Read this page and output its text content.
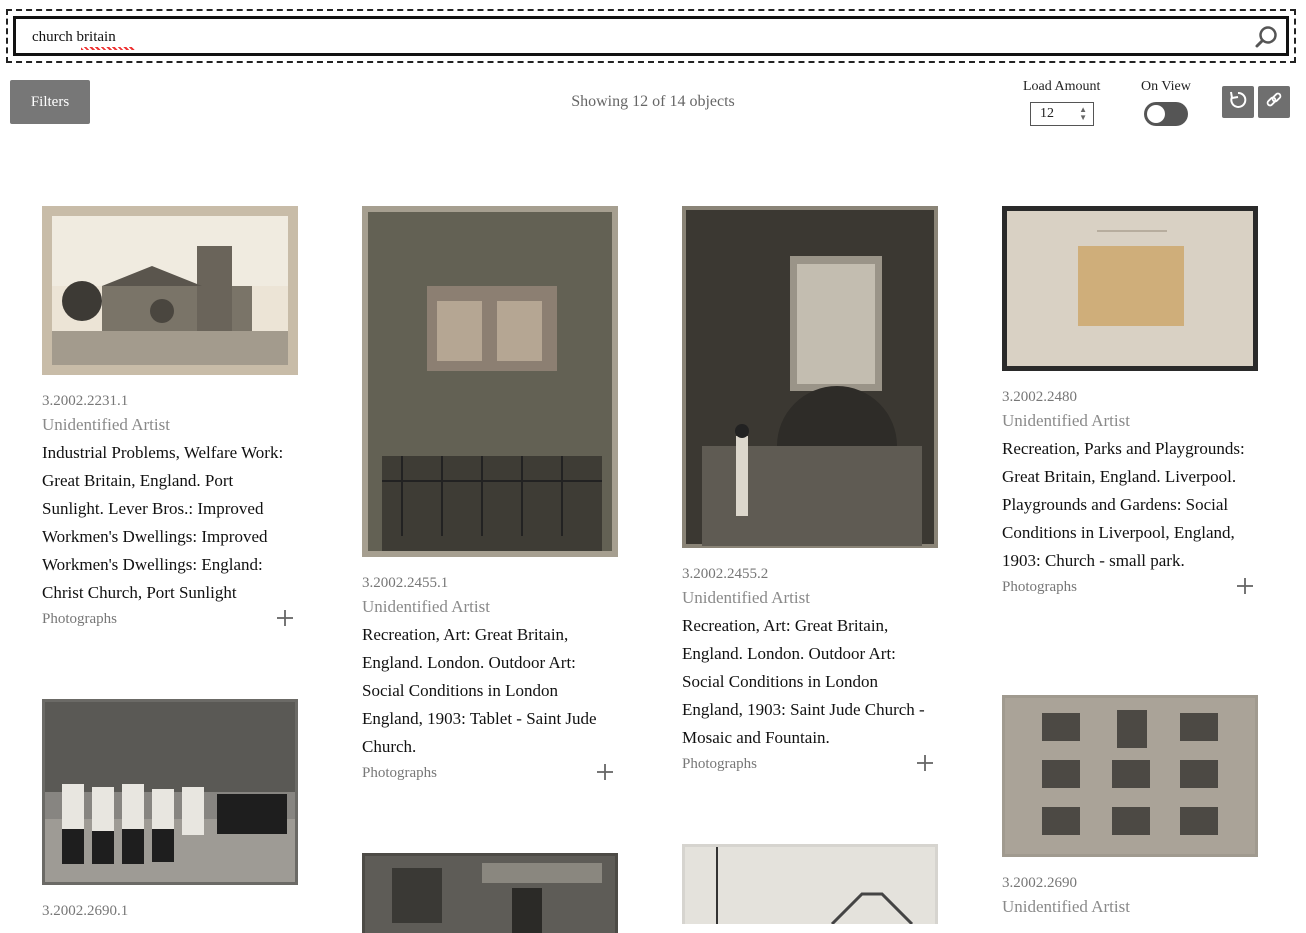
church britain
Filters	Showing 12 of 14 objects
Load Amount
12	▲
▼
On View
3.2002.2231.1
Unidentified Artist
Industrial Problems, Welfare Work: Great Britain, England. Port Sunlight. Lever Bros.: Improved Workmen's Dwellings: Improved Workmen's Dwellings: England: Christ Church, Port Sunlight
Photographs
3.2002.2455.1
Unidentified Artist
Recreation, Art: Great Britain, England. London. Outdoor Art: Social Conditions in London England, 1903: Tablet - Saint Jude Church.
Photographs
3.2002.2455.2
Unidentified Artist
Recreation, Art: Great Britain, England. London. Outdoor Art: Social Conditions in London England, 1903: Saint Jude Church - Mosaic and Fountain.
Photographs
3.2002.2480
Unidentified Artist
Recreation, Parks and Playgrounds: Great Britain, England. Liverpool. Playgrounds and Gardens: Social Conditions in Liverpool, England, 1903: Church - small park.
Photographs
3.2002.2690.1
3.2002.2690
Unidentified Artist
